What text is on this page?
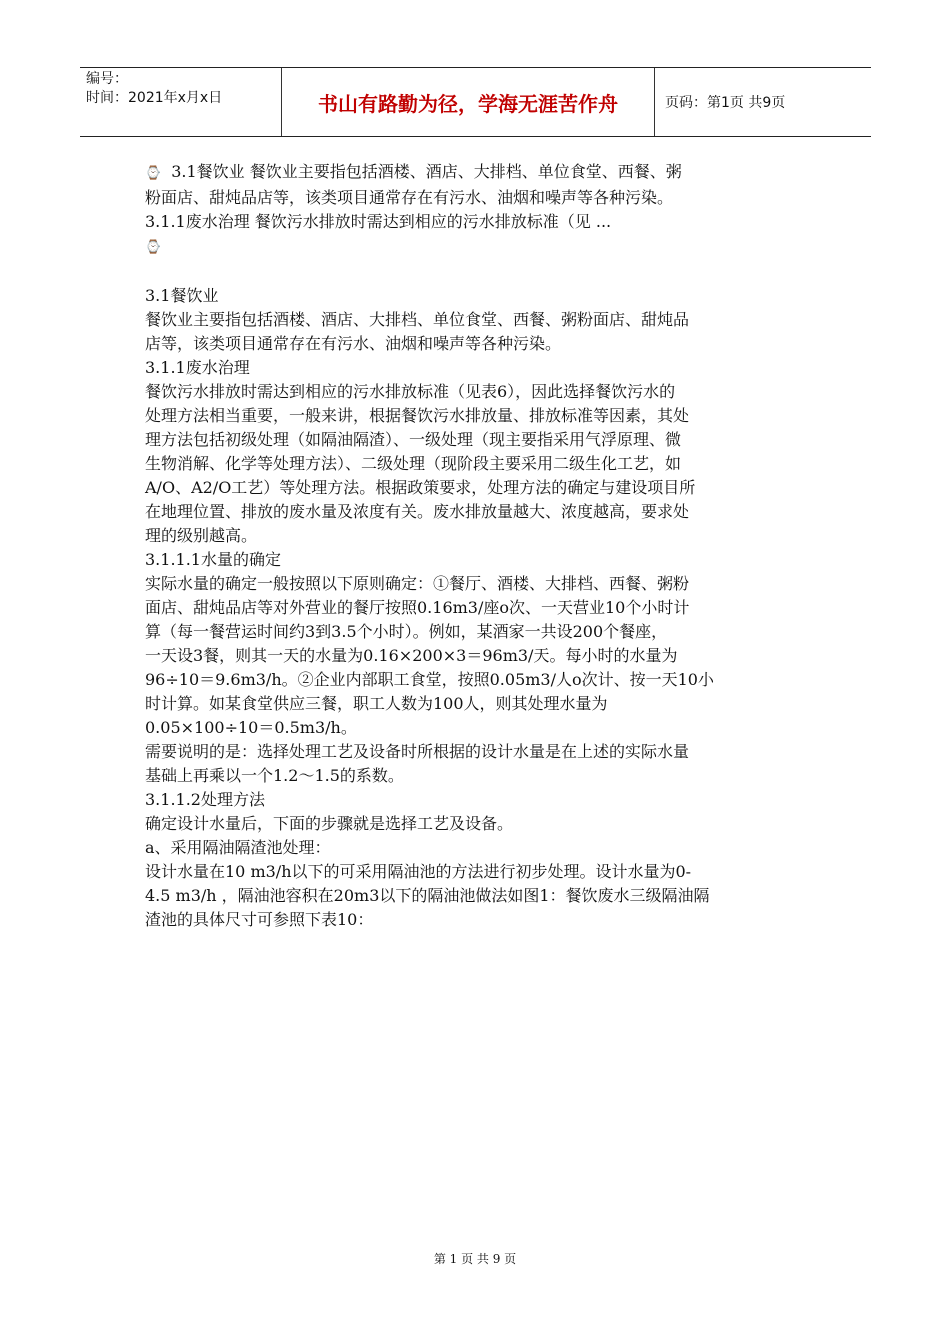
编号：
时间：2021年x月x日	书山有路勤为径，学海无涯苦作舟	页码：第1页 共9页

⌚ 3.1餐饮业 餐饮业主要指包括酒楼、酒店、大排档、单位食堂、西餐、粥

粉面店、甜炖品店等，该类项目通常存在有污水、油烟和噪声等各种污染。

3.1.1废水治理 餐饮污水排放时需达到相应的污水排放标准（见 ...

⌚

3.1餐饮业

餐饮业主要指包括酒楼、酒店、大排档、单位食堂、西餐、粥粉面店、甜炖品

店等，该类项目通常存在有污水、油烟和噪声等各种污染。

3.1.1废水治理

餐饮污水排放时需达到相应的污水排放标准（见表6），因此选择餐饮污水的

处理方法相当重要，一般来讲，根据餐饮污水排放量、排放标准等因素，其处

理方法包括初级处理（如隔油隔渣）、一级处理（现主要指采用气浮原理、微

生物消解、化学等处理方法）、二级处理（现阶段主要采用二级生化工艺，如

A/O、A2/O工艺）等处理方法。根据政策要求，处理方法的确定与建设项目所

在地理位置、排放的废水量及浓度有关。废水排放量越大、浓度越高，要求处

理的级别越高。

3.1.1.1水量的确定

实际水量的确定一般按照以下原则确定：①餐厅、酒楼、大排档、西餐、粥粉

面店、甜炖品店等对外营业的餐厅按照0.16m3/座ο次、一天营业10个小时计

算（每一餐营运时间约3到3.5个小时）。例如，某酒家一共设200个餐座，

一天设3餐，则其一天的水量为0.16×200×3＝96m3/天。每小时的水量为

96÷10＝9.6m3/h。②企业内部职工食堂，按照0.05m3/人ο次计、按一天10小

时计算。如某食堂供应三餐，职工人数为100人，则其处理水量为

0.05×100÷10＝0.5m3/h。

需要说明的是：选择处理工艺及设备时所根据的设计水量是在上述的实际水量

基础上再乘以一个1.2～1.5的系数。

3.1.1.2处理方法

确定设计水量后，下面的步骤就是选择工艺及设备。

a、采用隔油隔渣池处理：

设计水量在10 m3/h以下的可采用隔油池的方法进行初步处理。设计水量为0-

4.5 m3/h ，隔油池容积在20m3以下的隔油池做法如图1：餐饮废水三级隔油隔

渣池的具体尺寸可参照下表10：

第 1 页 共 9 页
